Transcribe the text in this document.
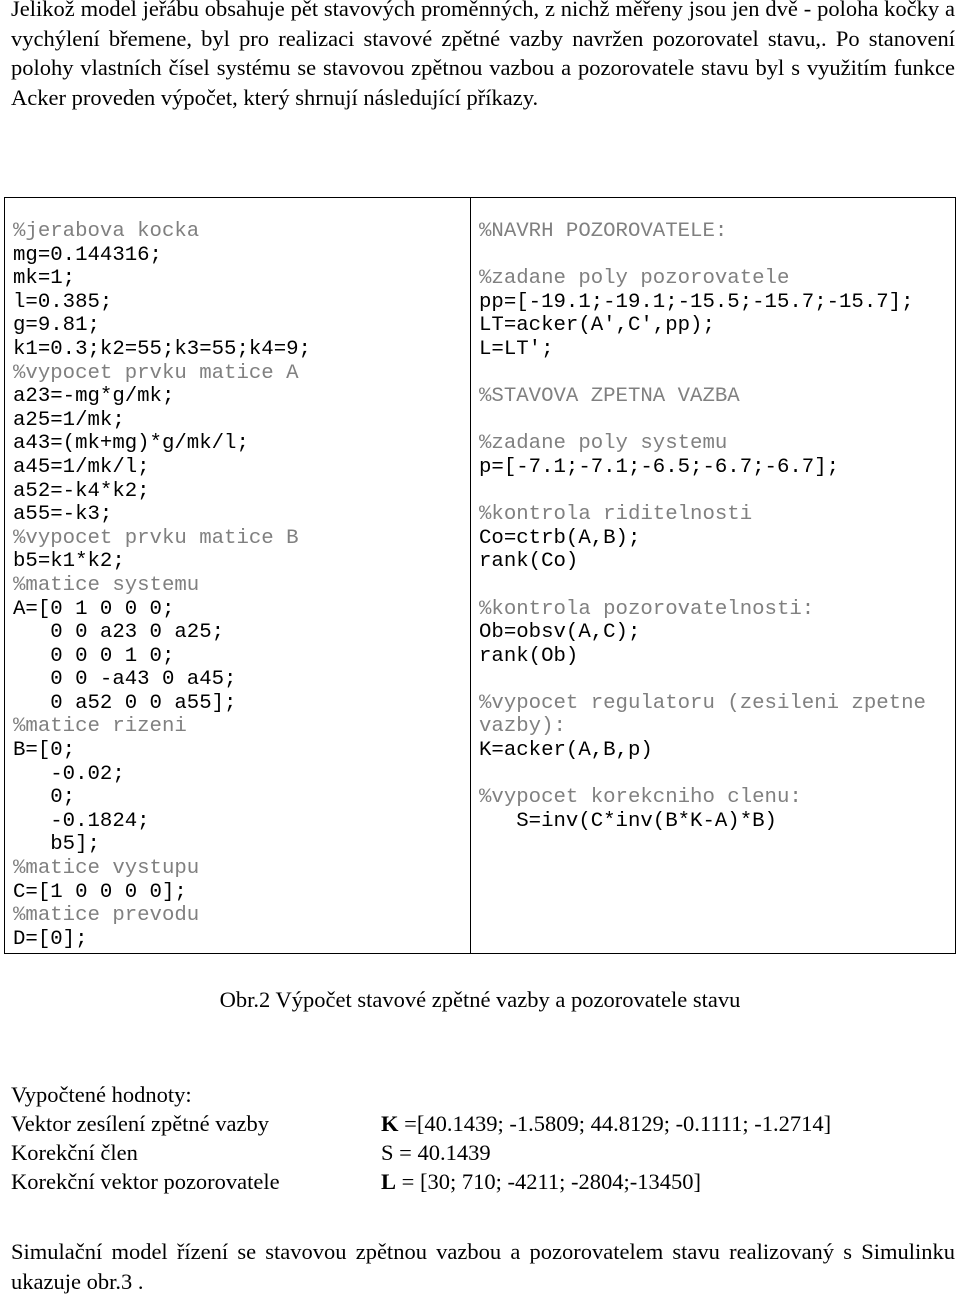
Jelikož model jeřábu obsahuje pět stavových proměnných, z nichž měřeny jsou jen dvě - poloha kočky a vychýlení břemene, byl pro realizaci stavové zpětné vazby navržen pozorovatel stavu,. Po stanovení polohy vlastních čísel systému se stavovou zpětnou vazbou a pozorovatele stavu byl s využitím funkce Acker proveden výpočet, který shrnují následující příkazy.
%jerabova kocka
mg=0.144316;
mk=1;
l=0.385;
g=9.81;
k1=0.3;k2=55;k3=55;k4=9;
%vypocet prvku matice A
a23=-mg*g/mk;
a25=1/mk;
a43=(mk+mg)*g/mk/l;
a45=1/mk/l;
a52=-k4*k2;
a55=-k3;
%vypocet prvku matice B
b5=k1*k2;
%matice systemu
A=[0 1 0 0 0;
0 0 a23 0 a25;
0 0 0 1 0;
0 0 -a43 0 a45;
0 a52 0 0 a55];
%matice rizeni
B=[0;
-0.02;
0;
-0.1824;
b5];
%matice vystupu
C=[1 0 0 0 0];
%matice prevodu
D=[0];
%NAVRH POZOROVATELE:
%zadane poly pozorovatele
pp=[-19.1;-19.1;-15.5;-15.7;-15.7];
LT=acker(A',C',pp);
L=LT';
%STAVOVA ZPETNA VAZBA
%zadane poly systemu
p=[-7.1;-7.1;-6.5;-6.7;-6.7];
%kontrola riditelnosti
Co=ctrb(A,B);
rank(Co)
%kontrola pozorovatelnosti:
Ob=obsv(A,C);
rank(Ob)
%vypocet regulatoru (zesileni zpetne
vazby):
K=acker(A,B,p)
%vypocet korekcniho clenu:
S=inv(C*inv(B*K-A)*B)
Obr.2 Výpočet stavové zpětné vazby a pozorovatele stavu
Vypočtené hodnoty:
Vektor zesílení zpětné vazby	K =[40.1439; -1.5809; 44.8129; -0.1111; -1.2714]
Korekční člen	S = 40.1439
Korekční vektor pozorovatele	L = [30; 710; -4211; -2804;-13450]
Simulační model řízení se stavovou zpětnou vazbou a pozorovatelem stavu realizovaný s Simulinku ukazuje obr.3 .
